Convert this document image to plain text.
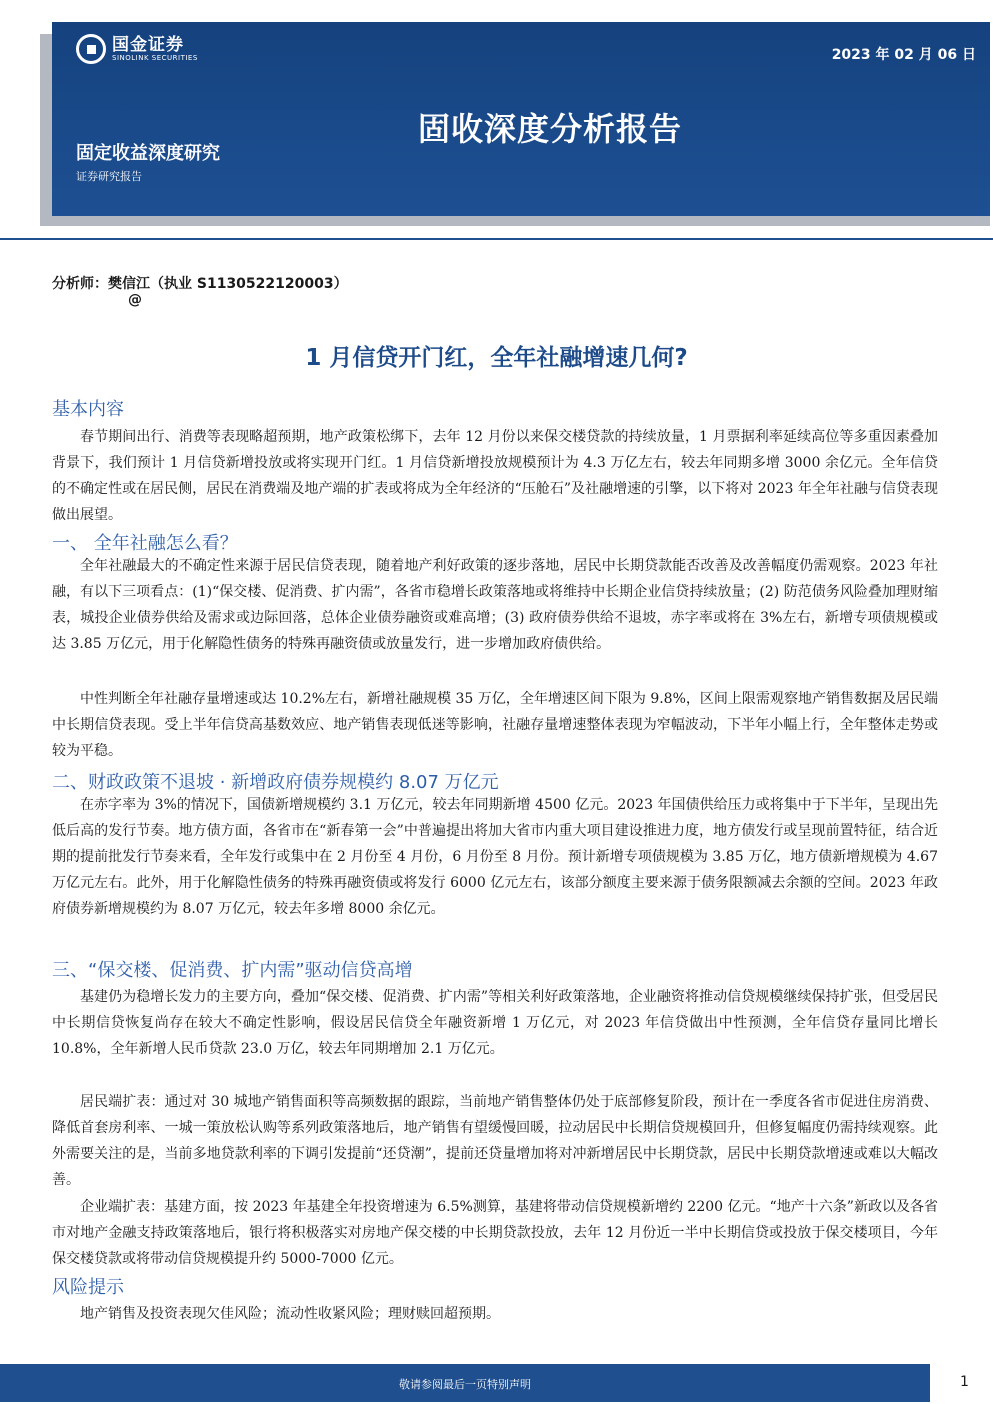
国金证券
SINOLINK SECURITIES	2023 年 02 月 06 日
固收深度分析报告
固定收益深度研究
证券研究报告
分析师：樊信江（执业 S1130522120003）
@
1 月信贷开门红，全年社融增速几何?
基本内容
春节期间出行、消费等表现略超预期，地产政策松绑下，去年 12 月份以来保交楼贷款的持续放量，1 月票据利率延续高位等多重因素叠加背景下，我们预计 1 月信贷新增投放或将实现开门红。1 月信贷新增投放规模预计为 4.3 万亿左右，较去年同期多增 3000 余亿元。全年信贷的不确定性或在居民侧，居民在消费端及地产端的扩表或将成为全年经济的“压舱石”及社融增速的引擎，以下将对 2023 年全年社融与信贷表现做出展望。
一、 全年社融怎么看？
全年社融最大的不确定性来源于居民信贷表现，随着地产利好政策的逐步落地，居民中长期贷款能否改善及改善幅度仍需观察。2023 年社融，有以下三项看点：(1)“保交楼、促消费、扩内需”，各省市稳增长政策落地或将维持中长期企业信贷持续放量；(2) 防范债务风险叠加理财缩表，城投企业债券供给及需求或边际回落，总体企业债券融资或难高增；(3) 政府债券供给不退坡，赤字率或将在 3%左右，新增专项债规模或达 3.85 万亿元，用于化解隐性债务的特殊再融资债或放量发行，进一步增加政府债供给。
中性判断全年社融存量增速或达 10.2%左右，新增社融规模 35 万亿，全年增速区间下限为 9.8%，区间上限需观察地产销售数据及居民端中长期信贷表现。受上半年信贷高基数效应、地产销售表现低迷等影响，社融存量增速整体表现为窄幅波动，下半年小幅上行，全年整体走势或较为平稳。
二、财政政策不退坡 · 新增政府债券规模约 8.07 万亿元
在赤字率为 3%的情况下，国债新增规模约 3.1 万亿元，较去年同期新增 4500 亿元。2023 年国债供给压力或将集中于下半年，呈现出先低后高的发行节奏。地方债方面，各省市在“新春第一会”中普遍提出将加大省市内重大项目建设推进力度，地方债发行或呈现前置特征，结合近期的提前批发行节奏来看，全年发行或集中在 2 月份至 4 月份，6 月份至 8 月份。预计新增专项债规模为 3.85 万亿，地方债新增规模为 4.67 万亿元左右。此外，用于化解隐性债务的特殊再融资债或将发行 6000 亿元左右，该部分额度主要来源于债务限额减去余额的空间。2023 年政府债券新增规模约为 8.07 万亿元，较去年多增 8000 余亿元。
三、“保交楼、促消费、扩内需”驱动信贷高增
基建仍为稳增长发力的主要方向，叠加“保交楼、促消费、扩内需”等相关利好政策落地，企业融资将推动信贷规模继续保持扩张，但受居民中长期信贷恢复尚存在较大不确定性影响，假设居民信贷全年融资新增 1 万亿元，对 2023 年信贷做出中性预测，全年信贷存量同比增长 10.8%，全年新增人民币贷款 23.0 万亿，较去年同期增加 2.1 万亿元。
居民端扩表：通过对 30 城地产销售面积等高频数据的跟踪，当前地产销售整体仍处于底部修复阶段，预计在一季度各省市促进住房消费、降低首套房利率、一城一策放松认购等系列政策落地后，地产销售有望缓慢回暖，拉动居民中长期信贷规模回升，但修复幅度仍需持续观察。此外需要关注的是，当前多地贷款利率的下调引发提前“还贷潮”，提前还贷量增加将对冲新增居民中长期贷款，居民中长期贷款增速或难以大幅改善。
企业端扩表：基建方面，按 2023 年基建全年投资增速为 6.5%测算，基建将带动信贷规模新增约 2200 亿元。“地产十六条”新政以及各省市对地产金融支持政策落地后，银行将积极落实对房地产保交楼的中长期贷款投放，去年 12 月份近一半中长期信贷或投放于保交楼项目，今年保交楼贷款或将带动信贷规模提升约 5000-7000 亿元。
风险提示
地产销售及投资表现欠佳风险；流动性收紧风险；理财赎回超预期。
敬请参阅最后一页特别声明	1
